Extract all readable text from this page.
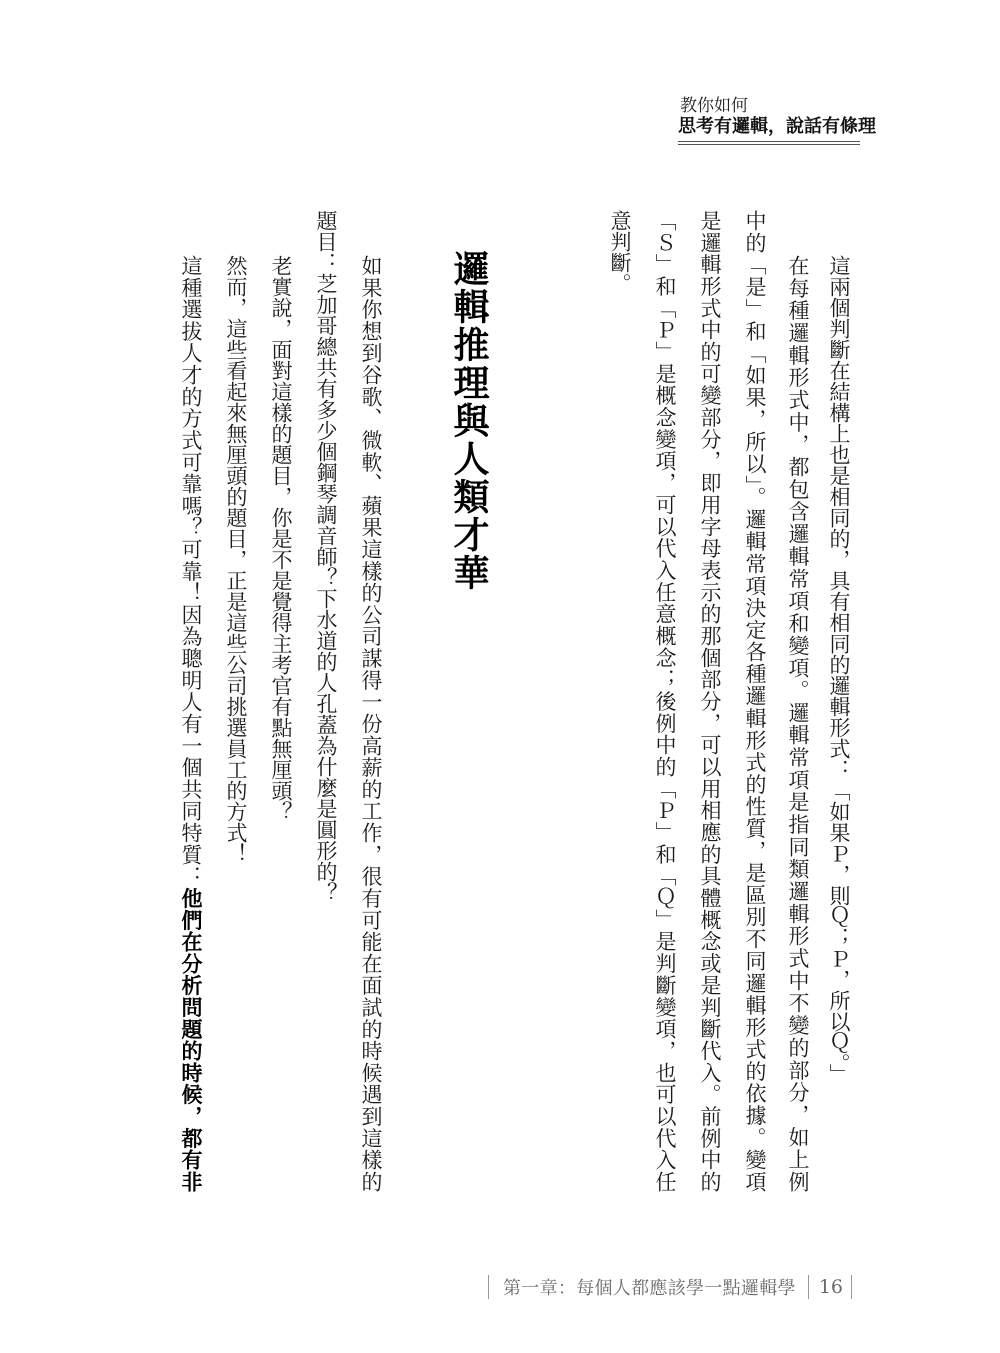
教你如何
思考有邏輯，說話有條理
這兩個判斷在結構上也是相同的，具有相同的邏輯形式：「如果Ｐ，則Ｑ；Ｐ，所以Ｑ。」
在每種邏輯形式中，都包含邏輯常項和變項。邏輯常項是指同類邏輯形式中不變的部分，如上例
中的「是」和「如果，所以」。邏輯常項決定各種邏輯形式的性質，是區別不同邏輯形式的依據。變項
是邏輯形式中的可變部分，即用字母表示的那個部分，可以用相應的具體概念或是判斷代入。前例中的
「Ｓ」和「Ｐ」是概念變項，可以代入任意概念；後例中的「Ｐ」和「Ｑ」是判斷變項，也可以代入任
意判斷。
邏輯推理與人類才華
如果你想到谷歌、微軟、蘋果這樣的公司謀得一份高薪的工作，很有可能在面試的時候遇到這樣的
題目：芝加哥總共有多少個鋼琴調音師？下水道的人孔蓋為什麼是圓形的？
老實說，面對這樣的題目，你是不是覺得主考官有點無厘頭？
然而，這些看起來無厘頭的題目，正是這些公司挑選員工的方式！
這種選拔人才的方式可靠嗎？可靠！因為聰明人有一個共同特質：他們在分析問題的時候，都有非
第一章：每個人都應該學一點邏輯學 16
